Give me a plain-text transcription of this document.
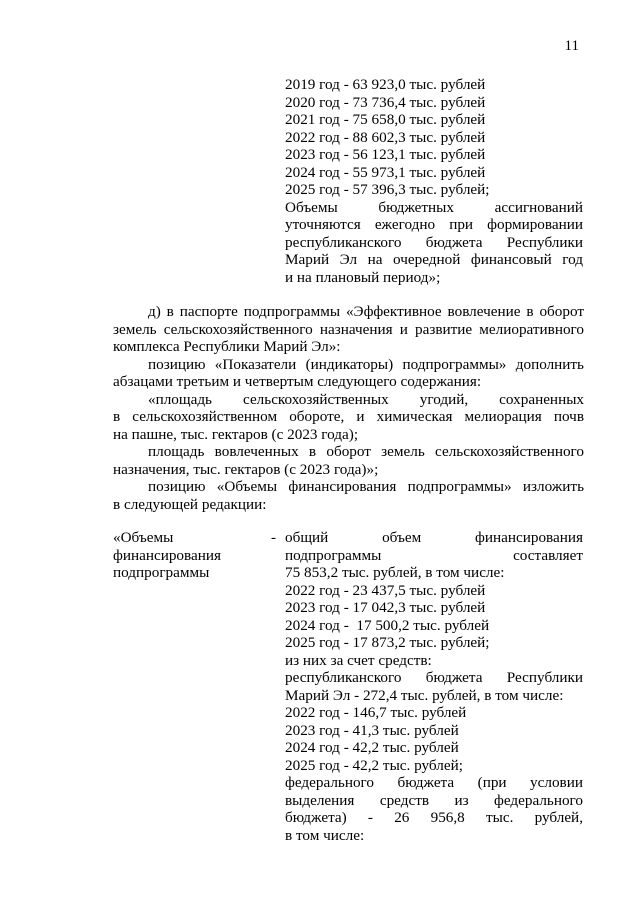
11
2019 год - 63 923,0 тыс. рублей
2020 год - 73 736,4 тыс. рублей
2021 год - 75 658,0 тыс. рублей
2022 год - 88 602,3 тыс. рублей
2023 год - 56 123,1 тыс. рублей
2024 год - 55 973,1 тыс. рублей
2025 год - 57 396,3 тыс. рублей;
Объемы бюджетных ассигнований
уточняются ежегодно при формировании
республиканского бюджета Республики
Марий Эл на очередной финансовый год
и на плановый период»;
д) в паспорте подпрограммы «Эффективное вовлечение в оборот
земель сельскохозяйственного назначения и развитие мелиоративного
комплекса Республики Марий Эл»:
позицию «Показатели (индикаторы) подпрограммы» дополнить
абзацами третьим и четвертым следующего содержания:
«площадь сельскохозяйственных угодий, сохраненных
в сельскохозяйственном обороте, и химическая мелиорация почв
на пашне, тыс. гектаров (с 2023 года);
площадь вовлеченных в оборот земель сельскохозяйственного
назначения, тыс. гектаров (с 2023 года)»;
позицию «Объемы финансирования подпрограммы» изложить
в следующей редакции:
«Объемы
финансирования
подпрограммы
- общий объем финансирования
подпрограммы составляет
75 853,2 тыс. рублей, в том числе:
2022 год - 23 437,5 тыс. рублей
2023 год - 17 042,3 тыс. рублей
2024 год -  17 500,2 тыс. рублей
2025 год - 17 873,2 тыс. рублей;
из них за счет средств:
республиканского бюджета Республики
Марий Эл - 272,4 тыс. рублей, в том числе:
2022 год - 146,7 тыс. рублей
2023 год - 41,3 тыс. рублей
2024 год - 42,2 тыс. рублей
2025 год - 42,2 тыс. рублей;
федерального бюджета (при условии
выделения средств из федерального
бюджета) - 26 956,8 тыс. рублей,
в том числе:
